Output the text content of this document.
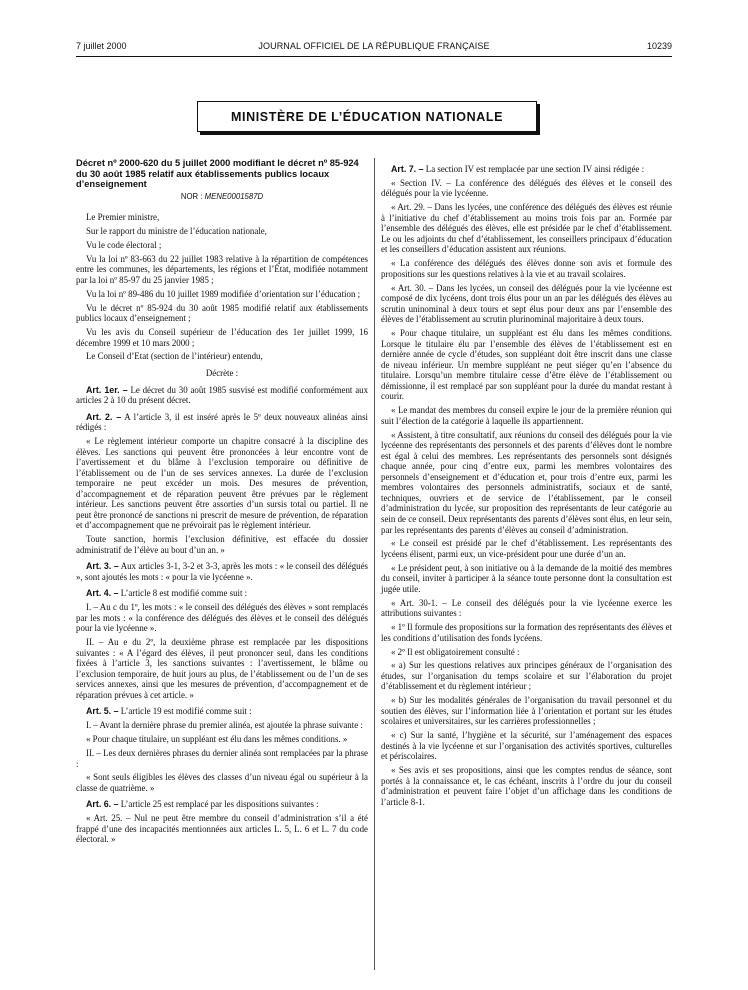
7 juillet 2000	JOURNAL OFFICIEL DE LA RÉPUBLIQUE FRANÇAISE	10239
MINISTÈRE DE L’ÉDUCATION NATIONALE
Décret nº 2000-620 du 5 juillet 2000 modifiant le décret nº 85-924 du 30 août 1985 relatif aux établissements publics locaux d’enseignement
NOR : MENE0001587D

Le Premier ministre,

Sur le rapport du ministre de l’éducation nationale,

Vu le code électoral ;

Vu la loi nº 83-663 du 22 juillet 1983 relative à la répartition de compétences entre les communes, les départements, les régions et l’État, modifiée notamment par la loi nº 85-97 du 25 janvier 1985 ;

Vu la loi nº 89-486 du 10 juillet 1989 modifiée d’orientation sur l’éducation ;

Vu le décret nº 85-924 du 30 août 1985 modifié relatif aux établissements publics locaux d’enseignement ;

Vu les avis du Conseil supérieur de l’éducation des 1er juillet 1999, 16 décembre 1999 et 10 mars 2000 ;

Le Conseil d’Etat (section de l’intérieur) entendu,

Décrète :

Art. 1er. – Le décret du 30 août 1985 susvisé est modifié conformément aux articles 2 à 10 du présent décret.

Art. 2. – A l’article 3, il est inséré après le 5º deux nouveaux alinéas ainsi rédigés :

« Le règlement intérieur comporte un chapitre consacré à la discipline des élèves. Les sanctions qui peuvent être prononcées à leur encontre vont de l’avertissement et du blâme à l’exclusion temporaire ou définitive de l’établissement ou de l’un de ses services annexes. La durée de l’exclusion temporaire ne peut excéder un mois. Des mesures de prévention, d’accompagnement et de réparation peuvent être prévues par le règlement intérieur. Les sanctions peuvent être assorties d’un sursis total ou partiel. Il ne peut être prononcé de sanctions ni prescrit de mesure de prévention, de réparation et d’accompagnement que ne prévoirait pas le règlement intérieur.

Toute sanction, hormis l’exclusion définitive, est effacée du dossier administratif de l’élève au bout d’un an. »

Art. 3. – Aux articles 3-1, 3-2 et 3-3, après les mots : « le conseil des délégués », sont ajoutés les mots : « pour la vie lycéenne ».

Art. 4. – L’article 8 est modifié comme suit :

I. – Au c du 1º, les mots : « le conseil des délégués des élèves » sont remplacés par les mots : « la conférence des délégués des élèves et le conseil des délégués pour la vie lycéenne ».

II. – Au e du 2º, la deuxième phrase est remplacée par les dispositions suivantes : « A l’égard des élèves, il peut prononcer seul, dans les conditions fixées à l’article 3, les sanctions suivantes : l’avertissement, le blâme ou l’exclusion temporaire, de huit jours au plus, de l’établissement ou de l’un de ses services annexes, ainsi que les mesures de prévention, d’accompagnement et de réparation prévues à cet article. »

Art. 5. – L’article 19 est modifié comme suit :

I. – Avant la dernière phrase du premier alinéa, est ajoutée la phrase suivante :

« Pour chaque titulaire, un suppléant est élu dans les mêmes conditions. »

II. – Les deux dernières phrases du dernier alinéa sont remplacées par la phrase :

« Sont seuls éligibles les élèves des classes d’un niveau égal ou supérieur à la classe de quatrième. »

Art. 6. – L’article 25 est remplacé par les dispositions suivantes :

« Art. 25. – Nul ne peut être membre du conseil d’administration s’il a été frappé d’une des incapacités mentionnées aux articles L. 5, L. 6 et L. 7 du code électoral. »

Art. 7. – La section IV est remplacée par une section IV ainsi rédigée :

« Section IV. – La conférence des délégués des élèves et le conseil des délégués pour la vie lycéenne.

« Art. 29. – Dans les lycées, une conférence des délégués des élèves est réunie à l’initiative du chef d’établissement au moins trois fois par an. Formée par l’ensemble des délégués des élèves, elle est présidée par le chef d’établissement. Le ou les adjoints du chef d’établissement, les conseillers principaux d’éducation et les conseillers d’éducation assistent aux réunions.

« La conférence des délégués des élèves donne son avis et formule des propositions sur les questions relatives à la vie et au travail scolaires.

« Art. 30. – Dans les lycées, un conseil des délégués pour la vie lycéenne est composé de dix lycéens, dont trois élus pour un an par les délégués des élèves au scrutin uninominal à deux tours et sept élus pour deux ans par l’ensemble des élèves de l’établissement au scrutin plurinominal majoritaire à deux tours.

« Pour chaque titulaire, un suppléant est élu dans les mêmes conditions. Lorsque le titulaire élu par l’ensemble des élèves de l’établissement est en dernière année de cycle d’études, son suppléant doit être inscrit dans une classe de niveau inférieur. Un membre suppléant ne peut siéger qu’en l’absence du titulaire. Lorsqu’un membre titulaire cesse d’être élève de l’établissement ou démissionne, il est remplacé par son suppléant pour la durée du mandat restant à courir.

« Le mandat des membres du conseil expire le jour de la première réunion qui suit l’élection de la catégorie à laquelle ils appartiennent.

« Assistent, à titre consultatif, aux réunions du conseil des délégués pour la vie lycéenne des représentants des personnels et des parents d’élèves dont le nombre est égal à celui des membres. Les représentants des personnels sont désignés chaque année, pour cinq d’entre eux, parmi les membres volontaires des personnels d’enseignement et d’éducation et, pour trois d’entre eux, parmi les membres volontaires des personnels administratifs, sociaux et de santé, techniques, ouvriers et de service de l’établissement, par le conseil d’administration du lycée, sur proposition des représentants de leur catégorie au sein de ce conseil. Deux représentants des parents d’élèves sont élus, en leur sein, par les représentants des parents d’élèves au conseil d’administration.

« Le conseil est présidé par le chef d’établissement. Les représentants des lycéens élisent, parmi eux, un vice-président pour une durée d’un an.

« Le président peut, à son initiative ou à la demande de la moitié des membres du conseil, inviter à participer à la séance toute personne dont la consultation est jugée utile.

« Art. 30-1. – Le conseil des délégués pour la vie lycéenne exerce les attributions suivantes :

« 1º Il formule des propositions sur la formation des représentants des élèves et les conditions d’utilisation des fonds lycéens.

« 2º Il est obligatoirement consulté :

« a) Sur les questions relatives aux principes généraux de l’organisation des études, sur l’organisation du temps scolaire et sur l’élaboration du projet d’établissement et du règlement intérieur ;

« b) Sur les modalités générales de l’organisation du travail personnel et du soutien des élèves, sur l’information liée à l’orientation et portant sur les études scolaires et universitaires, sur les carrières professionnelles ;

« c) Sur la santé, l’hygiène et la sécurité, sur l’aménagement des espaces destinés à la vie lycéenne et sur l’organisation des activités sportives, culturelles et périscolaires.

« Ses avis et ses propositions, ainsi que les comptes rendus de séance, sont portés à la connaissance et, le cas échéant, inscrits à l’ordre du jour du conseil d’administration et peuvent faire l’objet d’un affichage dans les conditions de l’article 8-1.
